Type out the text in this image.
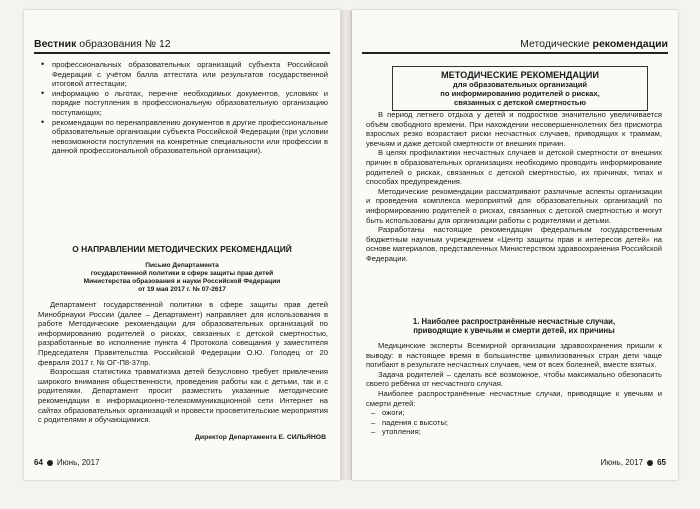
Вестник образования № 12
• профессиональных образовательных организаций субъекта Российской Федерации с учётом балла аттестата или результатов государственной итоговой аттестации;
• информацию о льготах, перечне необходимых документов, условиях и порядке поступления в профессиональную образовательную организацию поступающих;
• рекомендации по перенаправлению документов в другие профессиональные образовательные организации субъекта Российской Федерации (при условии невозможности поступления на конкретные специальности или профессии в данной профессиональной образовательной организации).
О НАПРАВЛЕНИИ МЕТОДИЧЕСКИХ РЕКОМЕНДАЦИЙ
Письмо Департамента
государственной политики в сфере защиты прав детей
Министерства образования и науки Российской Федерации
от 19 мая 2017 г. № 07-2617

Департамент государственной политики в сфере защиты прав детей Минобрнауки России (далее – Департамент) направляет для использования в работе Методические рекомендации для образовательных организаций по информированию родителей о рисках, связанных с детской смертностью, разработанные во исполнение пункта 4 Протокола совещания у заместителя Председателя Правительства Российской Федерации О.Ю. Голодец от 20 февраля 2017 г. № ОГ-П8-37пр.

Возросшая статистика травматизма детей безусловно требует привлечения широкого внимания общественности, проведения работы как с детьми, так и с родителями. Департамент просит разместить указанные методические рекомендации в информационно-телекоммуникационной сети Интернет на сайтах образовательных организаций и провести просветительские мероприятия с родителями и обучающимися.

Директор Департамента Е. СИЛЬЯНОВ
64 Июнь, 2017
Методические рекомендации
МЕТОДИЧЕСКИЕ РЕКОМЕНДАЦИИ
для образовательных организаций
по информированию родителей о рисках,
связанных с детской смертностью

В период летнего отдыха у детей и подростков значительно увеличивается объём свободного времени. При нахождении несовершеннолетних без присмотра взрослых резко возрастают риски несчастных случаев, приводящих к травмам, увечьям и даже детской смертности от внешних причин.

В целях профилактики несчастных случаев и детской смертности от внешних причин в образовательных организациях необходимо проводить информирование родителей о рисках, связанных с детской смертностью, их причинах, типах и способах предупреждения.

Методические рекомендации рассматривают различные аспекты организации и проведения комплекса мероприятий для образовательных организаций по информированию родителей о рисках, связанных с детской смертностью и могут быть использованы для организации работы с родителями и детьми.

Разработаны настоящие рекомендации федеральным государственным бюджетным научным учреждением «Центр защиты прав и интересов детей» на основе материалов, представленных Министерством здравоохранения Российской Федерации.

1. Наиболее распространённые несчастные случаи,
приводящие к увечьям и смерти детей, их причины

Медицинские эксперты Всемирной организации здравоохранения пришли к выводу: в настоящее время в большинстве цивилизованных стран дети чаще погибают в результате несчастных случаев, чем от всех болезней, вместе взятых.

Задача родителей – сделать всё возможное, чтобы максимально обезопасить своего ребёнка от несчастного случая.

Наиболее распространённые несчастные случаи, приводящие к увечьям и смерти детей:

– ожоги;
– падения с высоты;
– утопления;
Июнь, 2017 65
